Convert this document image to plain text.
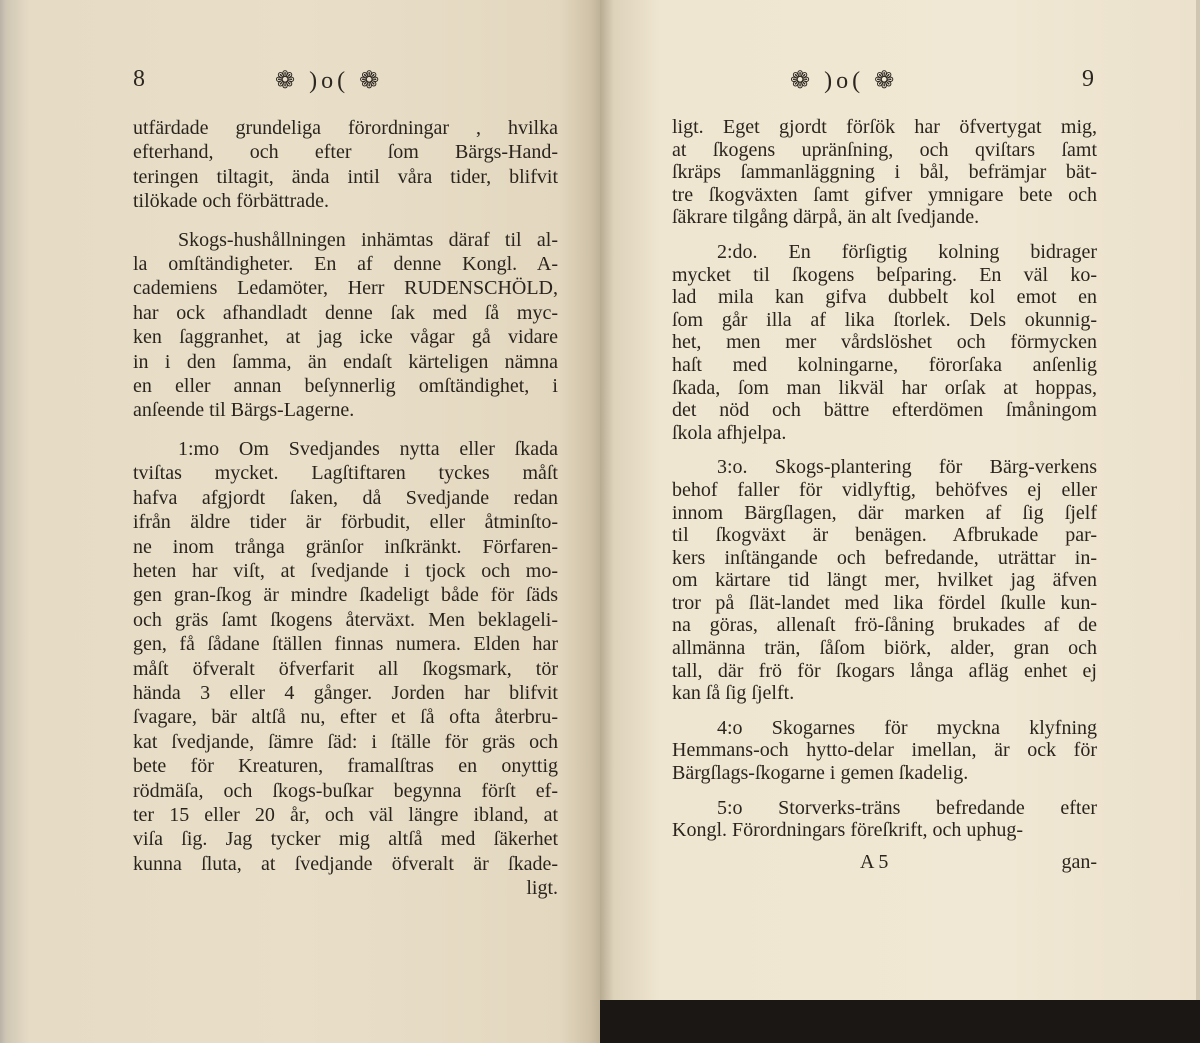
8	❁ )o( ❁
utfärdade grundeliga förordningar , hvilka
efterhand, och efter ſom Bärgs-Hand-
teringen tiltagit, ända intil våra tider, blifvit
tilökade och förbättrade.
Skogs-hushållningen inhämtas däraf til al-
la omſtändigheter. En af denne Kongl. A-
cademiens Ledamöter, Herr RUDENSCHÖLD,
har ock afhandladt denne ſak med ſå myc-
ken ſaggranhet, at jag icke vågar gå vidare
in i den ſamma, än endaſt kärteligen nämna
en eller annan beſynnerlig omſtändighet, i
anſeende til Bärgs-Lagerne.
1:mo Om Svedjandes nytta eller ſkada
tviſtas mycket. Lagſtiftaren tyckes måſt
hafva afgjordt ſaken, då Svedjande redan
ifrån äldre tider är förbudit, eller åtminſto-
ne inom trånga gränſor inſkränkt. Förfaren-
heten har viſt, at ſvedjande i tjock och mo-
gen gran-ſkog är mindre ſkadeligt både för ſäds
och gräs ſamt ſkogens återväxt. Men beklageli-
gen, få ſådane ſtällen finnas numera. Elden har
måſt öfveralt öfverfarit all ſkogsmark, tör
hända 3 eller 4 gånger. Jorden har blifvit
ſvagare, bär altſå nu, efter et ſå ofta återbru-
kat ſvedjande, ſämre ſäd: i ſtälle för gräs och
bete för Kreaturen, framalſtras en onyttig
rödmäſa, och ſkogs-buſkar begynna förſt ef-
ter 15 eller 20 år, och väl längre ibland, at
viſa ſig. Jag tycker mig altſå med ſäkerhet
kunna ſluta, at ſvedjande öfveralt är ſkade-
ligt.
❁ )o( ❁	9
ligt. Eget gjordt förſök har öfvertygat mig,
at ſkogens upränſning, och qviſtars ſamt
ſkräps ſammanläggning i bål, befrämjar bät-
tre ſkogväxten ſamt gifver ymnigare bete och
ſäkrare tilgång därpå, än alt ſvedjande.
2:do. En förſigtig kolning bidrager
mycket til ſkogens beſparing. En väl ko-
lad mila kan gifva dubbelt kol emot en
ſom går illa af lika ſtorlek. Dels okunnig-
het, men mer vårdslöshet och förmycken
haſt med kolningarne, förorſaka anſenlig
ſkada, ſom man likväl har orſak at hoppas,
det nöd och bättre efterdömen ſmåningom
ſkola afhjelpa.
3:o. Skogs-plantering för Bärg-verkens
behof faller för vidlyftig, behöfves ej eller
innom Bärgſlagen, där marken af ſig ſjelf
til ſkogväxt är benägen. Afbrukade par-
kers inſtängande och befredande, uträttar in-
om kärtare tid längt mer, hvilket jag äfven
tror på ſlät-landet med lika fördel ſkulle kun-
na göras, allenaſt frö-ſåning brukades af de
allmänna trän, ſåſom biörk, alder, gran och
tall, där frö för ſkogars långa afläg enhet ej
kan ſå ſig ſjelft.
4:o Skogarnes för myckna klyfning
Hemmans-och hytto-delar imellan, är ock för
Bärgſlags-ſkogarne i gemen ſkadelig.
5:o Storverks-träns befredande efter
Kongl. Förordningars föreſkrift, och uphug-
A 5	gan-
